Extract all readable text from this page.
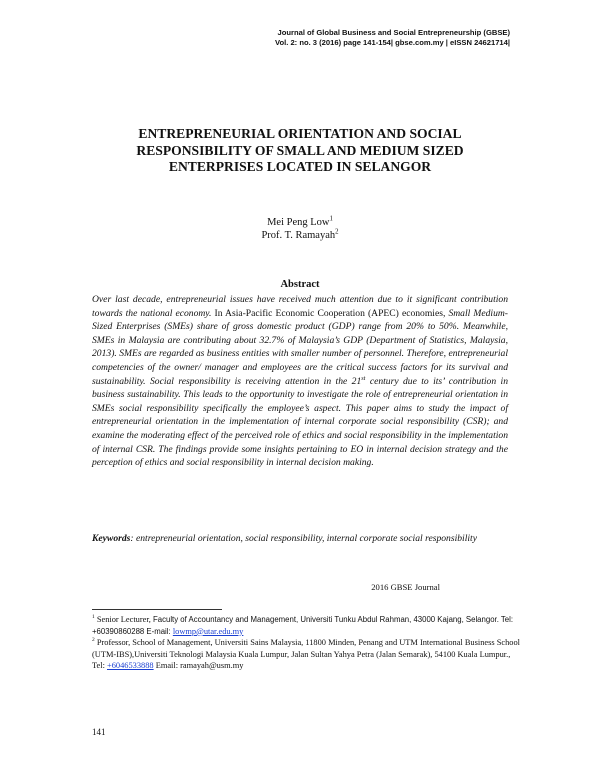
Journal of Global Business and Social Entrepreneurship (GBSE)
Vol. 2: no. 3 (2016) page 141-154| gbse.com.my | eISSN 24621714|
ENTREPRENEURIAL ORIENTATION AND SOCIAL
RESPONSIBILITY OF SMALL AND MEDIUM SIZED
ENTERPRISES LOCATED IN SELANGOR
Mei Peng Low$^1$
Prof. T. Ramayah$^2$
Abstract
Over last decade, entrepreneurial issues have received much attention due to it significant contribution towards the national economy. In Asia-Pacific Economic Cooperation (APEC) economies, Small Medium-Sized Enterprises (SMEs) share of gross domestic product (GDP) range from 20% to 50%. Meanwhile, SMEs in Malaysia are contributing about 32.7% of Malaysia’s GDP (Department of Statistics, Malaysia, 2013). SMEs are regarded as business entities with smaller number of personnel. Therefore, entrepreneurial competencies of the owner/ manager and employees are the critical success factors for its survival and sustainability. Social responsibility is receiving attention in the 21st century due to its’ contribution in business sustainability. This leads to the opportunity to investigate the role of entrepreneurial orientation in SMEs social responsibility specifically the employee’s aspect. This paper aims to study the impact of entrepreneurial orientation in the implementation of internal corporate social responsibility (CSR); and examine the moderating effect of the perceived role of ethics and social responsibility in the implementation of internal CSR. The findings provide some insights pertaining to EO in internal decision strategy and the perception of ethics and social responsibility in internal decision making.
Keywords: entrepreneurial orientation, social responsibility, internal corporate social responsibility
2016 GBSE Journal
$^1$ Senior Lecturer, Faculty of Accountancy and Management, Universiti Tunku Abdul Rahman, 43000 Kajang, Selangor. Tel: +60390860288 E-mail: lowmp@utar.edu.my
$^2$ Professor, School of Management, Universiti Sains Malaysia, 11800 Minden, Penang and UTM International Business School (UTM-IBS),Universiti Teknologi Malaysia Kuala Lumpur, Jalan Sultan Yahya Petra (Jalan Semarak), 54100 Kuala Lumpur., Tel: +6046533888 Email: ramayah@usm.my
141
